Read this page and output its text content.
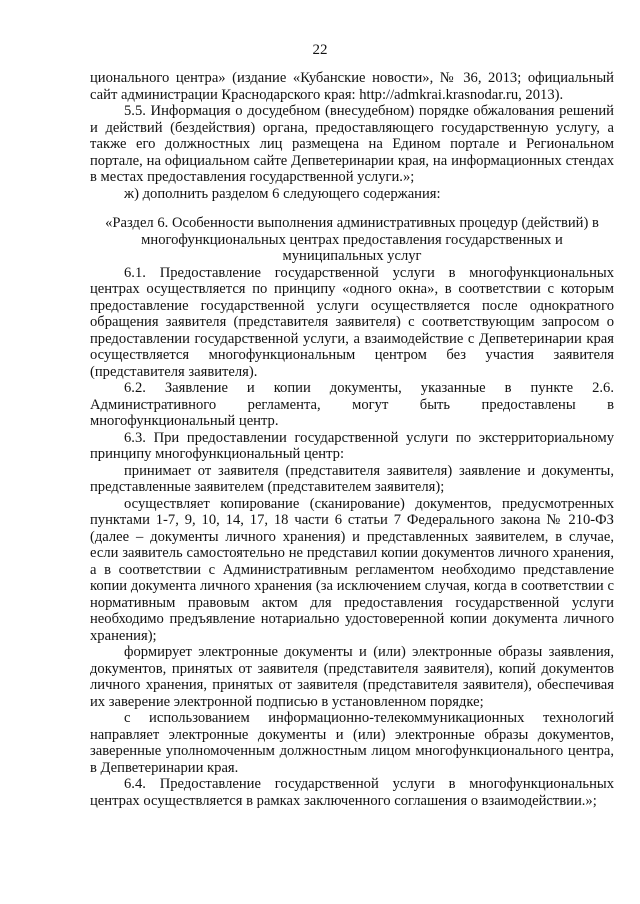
22

ционального центра» (издание «Кубанские новости», № 36, 2013; официальный сайт администрации Краснодарского края: http://admkrai.krasnodar.ru, 2013).

5.5. Информация о досудебном (внесудебном) порядке обжалования решений и действий (бездействия) органа, предоставляющего государственную услугу, а также его должностных лиц размещена на Едином портале и Региональном портале, на официальном сайте Депветеринарии края, на информационных стендах в местах предоставления государственной услуги.»;

ж) дополнить разделом 6 следующего содержания:

«Раздел 6. Особенности выполнения административных процедур (действий) в многофункциональных центрах предоставления государственных и муниципальных услуг

6.1. Предоставление государственной услуги в многофункциональных центрах осуществляется по принципу «одного окна», в соответствии с которым предоставление государственной услуги осуществляется после однократного обращения заявителя (представителя заявителя) с соответствующим запросом о предоставлении государственной услуги, а взаимодействие с Депветеринарии края осуществляется многофункциональным центром без участия заявителя (представителя заявителя).

6.2. Заявление и копии документы, указанные в пункте 2.6. Административного регламента, могут быть предоставлены в многофункциональный центр.

6.3. При предоставлении государственной услуги по экстерриториальному принципу многофункциональный центр:

принимает от заявителя (представителя заявителя) заявление и документы, представленные заявителем (представителем заявителя);

осуществляет копирование (сканирование) документов, предусмотренных пунктами 1-7, 9, 10, 14, 17, 18 части 6 статьи 7 Федерального закона № 210-ФЗ (далее – документы личного хранения) и представленных заявителем, в случае, если заявитель самостоятельно не представил копии документов личного хранения, а в соответствии с Административным регламентом необходимо представление копии документа личного хранения (за исключением случая, когда в соответствии с нормативным правовым актом для предоставления государственной услуги необходимо предъявление нотариально удостоверенной копии документа личного хранения);

формирует электронные документы и (или) электронные образы заявления, документов, принятых от заявителя (представителя заявителя), копий документов личного хранения, принятых от заявителя (представителя заявителя), обеспечивая их заверение электронной подписью в установленном порядке;

с использованием информационно-телекоммуникационных технологий направляет электронные документы и (или) электронные образы документов, заверенные уполномоченным должностным лицом многофункционального центра, в Депветеринарии края.

6.4. Предоставление государственной услуги в многофункциональных центрах осуществляется в рамках заключенного соглашения о взаимодействии.»;
